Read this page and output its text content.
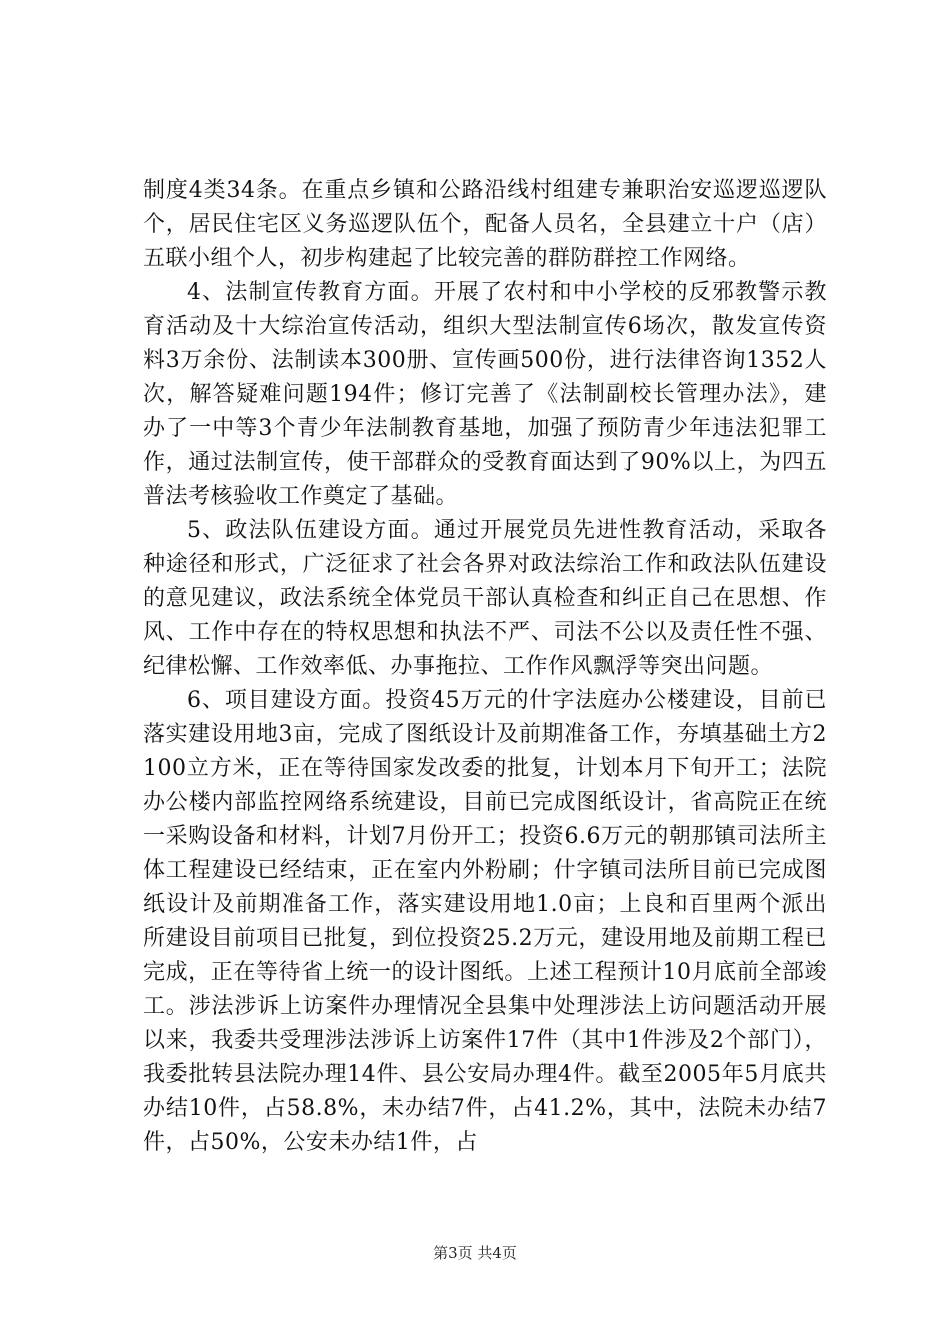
制度4类34条。在重点乡镇和公路沿线村组建专兼职治安巡逻巡逻队个，居民住宅区义务巡逻队伍个，配备人员名，全县建立十户（店）五联小组个人，初步构建起了比较完善的群防群控工作网络。

4、法制宣传教育方面。开展了农村和中小学校的反邪教警示教育活动及十大综治宣传活动，组织大型法制宣传6场次，散发宣传资料3万余份、法制读本300册、宣传画500份，进行法律咨询1352人次，解答疑难问题194件；修订完善了《法制副校长管理办法》，建办了一中等3个青少年法制教育基地，加强了预防青少年违法犯罪工作，通过法制宣传，使干部群众的受教育面达到了90%以上，为四五普法考核验收工作奠定了基础。

5、政法队伍建设方面。通过开展党员先进性教育活动，采取各种途径和形式，广泛征求了社会各界对政法综治工作和政法队伍建设的意见建议，政法系统全体党员干部认真检查和纠正自己在思想、作风、工作中存在的特权思想和执法不严、司法不公以及责任性不强、纪律松懈、工作效率低、办事拖拉、工作作风飘浮等突出问题。

6、项目建设方面。投资45万元的什字法庭办公楼建设，目前已落实建设用地3亩，完成了图纸设计及前期准备工作，夯填基础土方2100立方米，正在等待国家发改委的批复，计划本月下旬开工；法院办公楼内部监控网络系统建设，目前已完成图纸设计，省高院正在统一采购设备和材料，计划7月份开工；投资6.6万元的朝那镇司法所主体工程建设已经结束，正在室内外粉刷；什字镇司法所目前已完成图纸设计及前期准备工作，落实建设用地1.0亩；上良和百里两个派出所建设目前项目已批复，到位投资25.2万元，建设用地及前期工程已完成，正在等待省上统一的设计图纸。上述工程预计10月底前全部竣工。涉法涉诉上访案件办理情况全县集中处理涉法上访问题活动开展以来，我委共受理涉法涉诉上访案件17件（其中1件涉及2个部门），我委批转县法院办理14件、县公安局办理4件。截至2005年5月底共办结10件，占58.8%，未办结7件，占41.2%，其中，法院未办结7件，占50%，公安未办结1件，占

第3页 共4页
